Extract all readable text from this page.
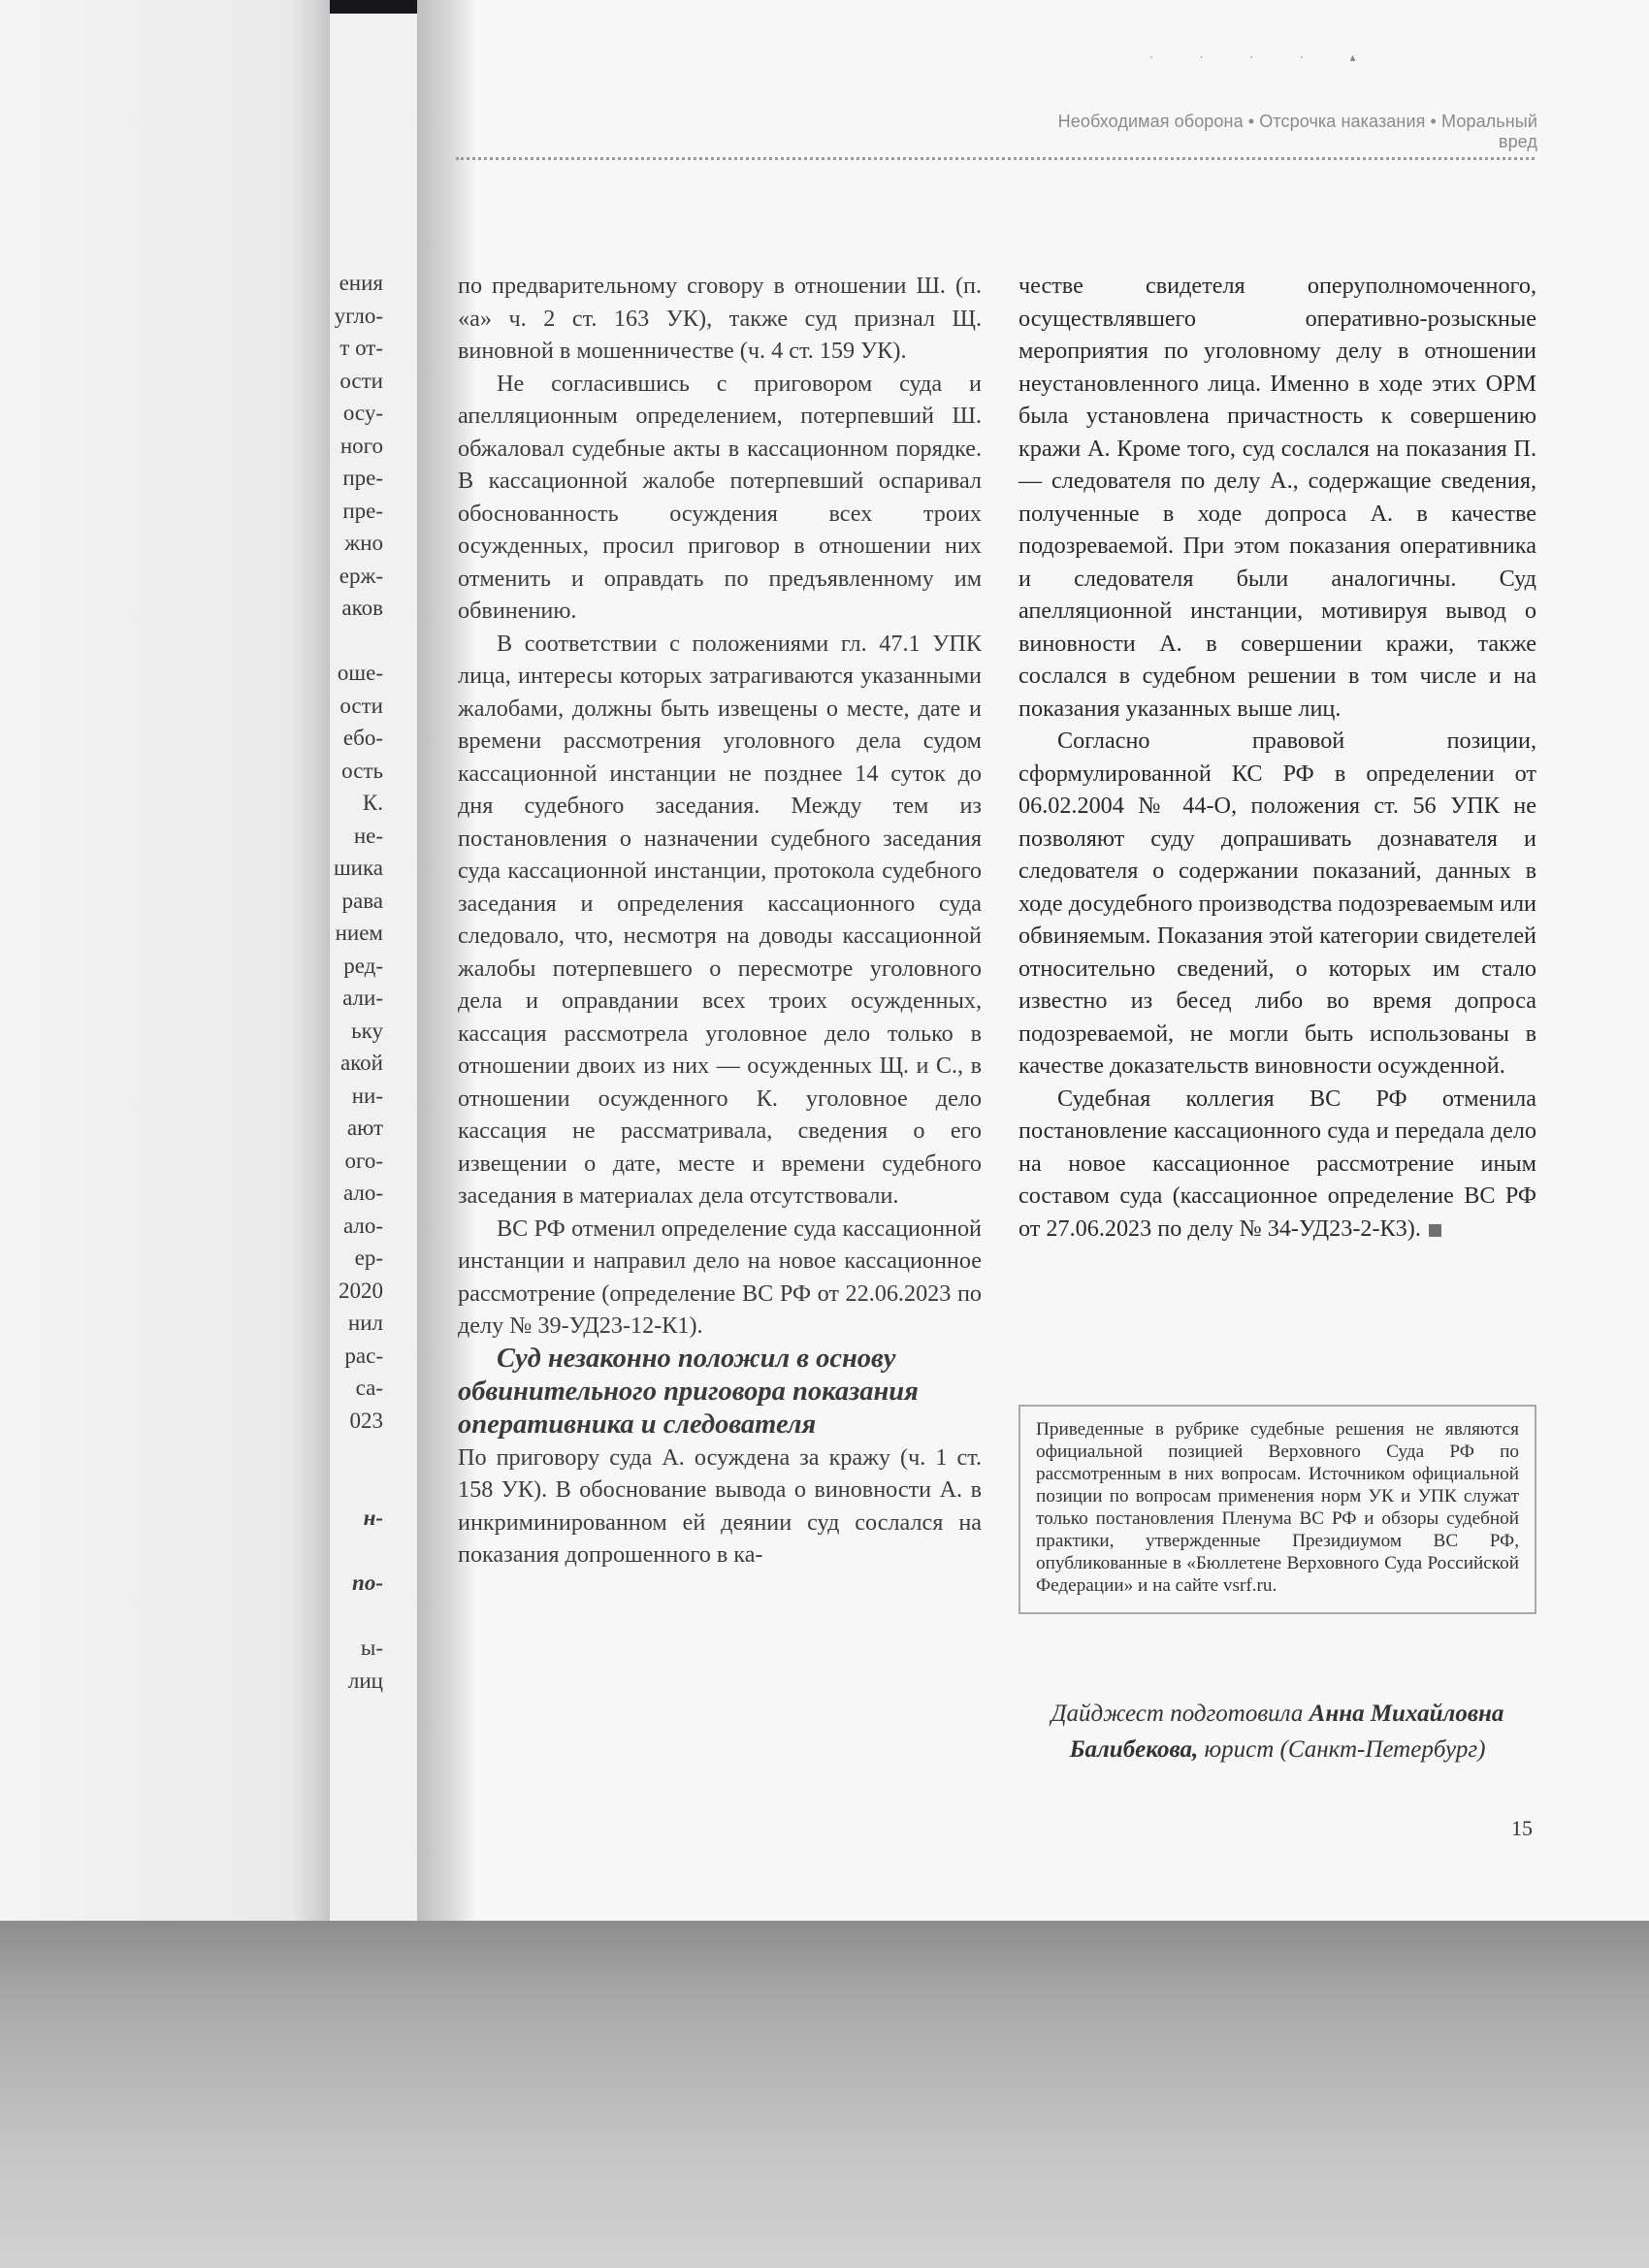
· · · · ▴
ения
угло-
т от-
ости
осу-
ного
пре-
пре-
жно
ерж-
аков
оше-
ости
ебо-
ость
К.
не-
шика
рава
нием
ред-
али-
ьку
акой
ни-
ают
ого-
ало-
ало-
ер-
2020
нил
рас-
са-
023
н-
по-
ы-
лиц
Необходимая оборона • Отсрочка наказания • Моральный вред

по предварительному сговору в отношении Ш. (п. «а» ч. 2 ст. 163 УК), также суд признал Щ. виновной в мошенничестве (ч. 4 ст. 159 УК).

Не согласившись с приговором суда и апелляционным определением, потерпевший Ш. обжаловал судебные акты в кассационном порядке. В кассационной жалобе потерпевший оспаривал обоснованность осуждения всех троих осужденных, просил приговор в отношении них отменить и оправдать по предъявленному им обвинению.

В соответствии с положениями гл. 47.1 УПК лица, интересы которых затрагиваются указанными жалобами, должны быть извещены о месте, дате и времени рассмотрения уголовного дела судом кассационной инстанции не позднее 14 суток до дня судебного заседания. Между тем из постановления о назначении судебного заседания суда кассационной инстанции, протокола судебного заседания и определения кассационного суда следовало, что, несмотря на доводы кассационной жалобы потерпевшего о пересмотре уголовного дела и оправдании всех троих осужденных, кассация рассмотрела уголовное дело только в отношении двоих из них — осужденных Щ. и С., в отношении осужденного К. уголовное дело кассация не рассматривала, сведения о его извещении о дате, месте и времени судебного заседания в материалах дела отсутствовали.

ВС РФ отменил определение суда кассационной инстанции и направил дело на новое кассационное рассмотрение (определение ВС РФ от 22.06.2023 по делу № 39-УД23-12-К1).

Суд незаконно положил в основу обвинительного приговора показания оперативника и следователя

По приговору суда А. осуждена за кражу (ч. 1 ст. 158 УК). В обоснование вывода о виновности А. в инкриминированном ей деянии суд сослался на показания допрошенного в ка-

честве свидетеля оперуполномоченного, осуществлявшего оперативно-розыскные мероприятия по уголовному делу в отношении неустановленного лица. Именно в ходе этих ОРМ была установлена причастность к совершению кражи А. Кроме того, суд сослался на показания П. — следователя по делу А., содержащие сведения, полученные в ходе допроса А. в качестве подозреваемой. При этом показания оперативника и следователя были аналогичны. Суд апелляционной инстанции, мотивируя вывод о виновности А. в совершении кражи, также сослался в судебном решении в том числе и на показания указанных выше лиц.

Согласно правовой позиции, сформулированной КС РФ в определении от 06.02.2004 № 44-О, положения ст. 56 УПК не позволяют суду допрашивать дознавателя и следователя о содержании показаний, данных в ходе досудебного производства подозреваемым или обвиняемым. Показания этой категории свидетелей относительно сведений, о которых им стало известно из бесед либо во время допроса подозреваемой, не могли быть использованы в качестве доказательств виновности осужденной.

Судебная коллегия ВС РФ отменила постановление кассационного суда и передала дело на новое кассационное рассмотрение иным составом суда (кассационное определение ВС РФ от 27.06.2023 по делу № 34-УД23-2-К3).

Приведенные в рубрике судебные решения не являются официальной позицией Верховного Суда РФ по рассмотренным в них вопросам. Источником официальной позиции по вопросам применения норм УК и УПК служат только постановления Пленума ВС РФ и обзоры судебной практики, утвержденные Президиумом ВС РФ, опубликованные в «Бюллетене Верховного Суда Российской Федерации» и на сайте vsrf.ru.
Дайджест подготовила Анна Михайловна Балибекова, юрист (Санкт-Петербург)
15
